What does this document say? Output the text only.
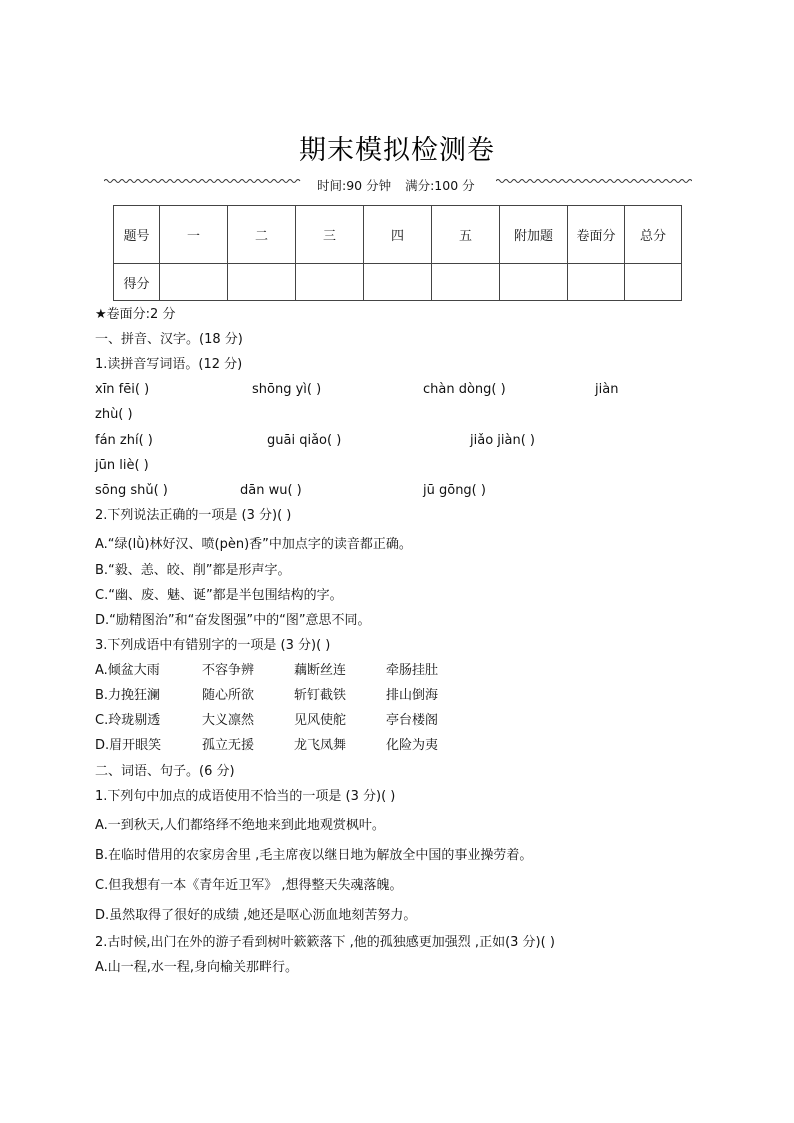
期末模拟检测卷
时间:90 分钟 满分:100 分
题号	一	二	三	四	五	附加题	卷面分	总分
得分								
★卷面分:2 分
一、拼音、汉字。(18 分)
1.读拼音写词语。(12 分)
xīn fēi( )	shōng yì( )	chàn dòng( )	jiàn
zhù( )
fán zhí( )	guāi qiǎo( )	jiǎo jiàn( )
jūn liè( )
sōng shǔ( )	dān wu( )	jū gōng( )
2.下列说法正确的一项是 (3 分)( )
A.“绿(lǜ)林好汉、喷(pèn)香”中加点字的读音都正确。
B.“毅、恙、皎、削”都是形声字。
C.“幽、废、魅、诞”都是半包围结构的字。
D.“励精图治”和“奋发图强”中的“图”意思不同。
3.下列成语中有错别字的一项是 (3 分)( )
A.倾盆大雨	不容争辨	藕断丝连	牵肠挂肚
B.力挽狂澜	随心所欲	斩钉截铁	排山倒海
C.玲珑剔透	大义凛然	见风使舵	亭台楼阁
D.眉开眼笑	孤立无援	龙飞凤舞	化险为夷
二、词语、句子。(6 分)
1.下列句中加点的成语使用不恰当的一项是 (3 分)( )
A.一到秋天,人们都络绎不绝地来到此地观赏枫叶。
B.在临时借用的农家房舍里 ,毛主席夜以继日地为解放全中国的事业操劳着。
C.但我想有一本《青年近卫军》 ,想得整天失魂落魄。
D.虽然取得了很好的成绩 ,她还是呕心沥血地刻苦努力。
2.古时候,出门在外的游子看到树叶簌簌落下 ,他的孤独感更加强烈 ,正如(3 分)( )
A.山一程,水一程,身向榆关那畔行。
